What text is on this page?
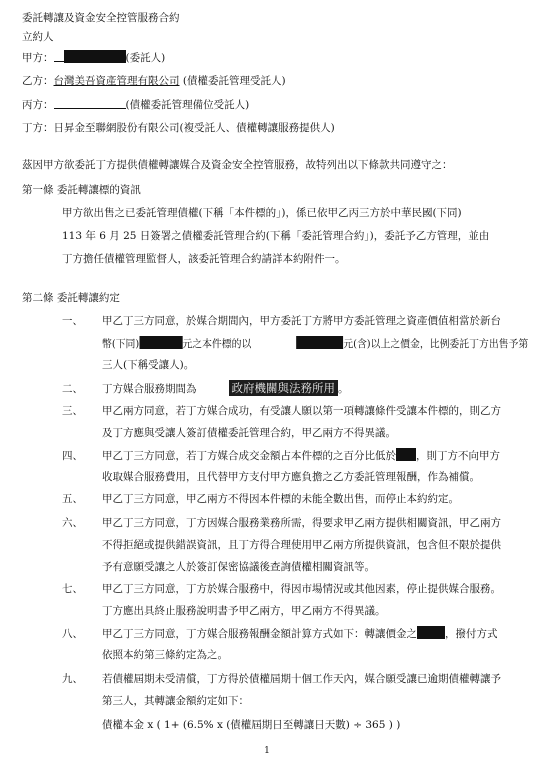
委託轉讓及資金安全控管服務合約
立約人
甲方：	(委託人)
乙方：台灣美吾資產管理有限公司 (債權委託管理受託人)
丙方：	(債權委託管理備位受託人)
丁方：日昇金至聯網股份有限公司(複受託人、債權轉讓服務提供人)
茲因甲方欲委託丁方提供債權轉讓媒合及資金安全控管服務，故特列出以下條款共同遵守之：
第一條 委託轉讓標的資訊
甲方欲出售之已委託管理債權(下稱「本件標的」)，係已依甲乙丙三方於中華民國(下同)
113 年 6 月 25 日簽署之債權委託管理合約(下稱「委託管理合約」)，委託予乙方管理，並由
丁方擔任債權管理監督人，該委託管理合約請詳本約附件一。
第二條 委託轉讓約定
一、 甲乙丁三方同意，於媒合期間內，甲方委託丁方將甲方委託管理之資產價值相當於新台
幣(下同)	元之本件標的以	元(含)以上之價金，比例委託丁方出售予第
三人(下稱受讓人)。
二、 丁方媒合服務期間為	政府機關與法務所用 。
三、 甲乙兩方同意，若丁方媒合成功，有受讓人願以第一項轉讓條件受讓本件標的，則乙方
及丁方應與受讓人簽訂債權委託管理合約，甲乙兩方不得異議。
四、 甲乙丁三方同意，若丁方媒合成交金額占本件標的之百分比低於 ，則丁方不向甲方
收取媒合服務費用，且代替甲方支付甲方應負擔之乙方委託管理報酬，作為補償。
五、 甲乙丁三方同意，甲乙兩方不得因本件標的未能全數出售，而停止本約約定。
六、 甲乙丁三方同意，丁方因媒合服務業務所需，得要求甲乙兩方提供相關資訊，甲乙兩方
不得拒絕或提供錯誤資訊，且丁方得合理使用甲乙兩方所提供資訊，包含但不限於提供
予有意願受讓之人於簽訂保密協議後查詢債權相關資訊等。
七、 甲乙丁三方同意，丁方於媒合服務中，得因市場情況或其他因素，停止提供媒合服務。
丁方應出具終止服務說明書予甲乙兩方，甲乙兩方不得異議。
八、 甲乙丁三方同意，丁方媒合服務報酬金額計算方式如下：轉讓價金之	，撥付方式
依照本約第三條約定為之。
九、 若債權屆期未受清償，丁方得於債權屆期十個工作天內，媒合願受讓已逾期債權轉讓予
第三人，其轉讓金額約定如下：
債權本金 x ( 1+ (6.5% x (債權屆期日至轉讓日天數) ÷ 365 ) )
1
